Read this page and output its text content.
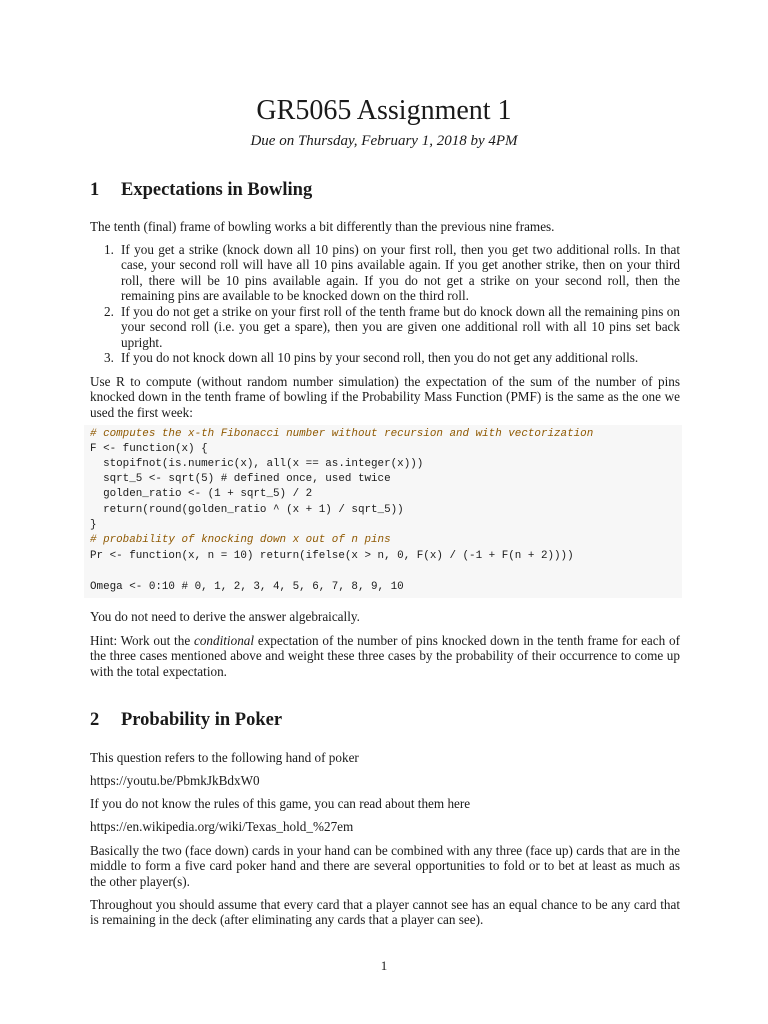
GR5065 Assignment 1
Due on Thursday, February 1, 2018 by 4PM
1 Expectations in Bowling
The tenth (final) frame of bowling works a bit differently than the previous nine frames.
1. If you get a strike (knock down all 10 pins) on your first roll, then you get two additional rolls. In that case, your second roll will have all 10 pins available again. If you get another strike, then on your third roll, there will be 10 pins available again. If you do not get a strike on your second roll, then the remaining pins are available to be knocked down on the third roll.
2. If you do not get a strike on your first roll of the tenth frame but do knock down all the remaining pins on your second roll (i.e. you get a spare), then you are given one additional roll with all 10 pins set back upright.
3. If you do not knock down all 10 pins by your second roll, then you do not get any additional rolls.
Use R to compute (without random number simulation) the expectation of the sum of the number of pins knocked down in the tenth frame of bowling if the Probability Mass Function (PMF) is the same as the one we used the first week:
# computes the x-th Fibonacci number without recursion and with vectorization
F <- function(x) {
stopifnot(is.numeric(x), all(x == as.integer(x)))
sqrt_5 <- sqrt(5) # defined once, used twice
golden_ratio <- (1 + sqrt_5) / 2
return(round(golden_ratio ^ (x + 1) / sqrt_5))
}
# probability of knocking down x out of n pins
Pr <- function(x, n = 10) return(ifelse(x > n, 0, F(x) / (-1 + F(n + 2))))
Omega <- 0:10 # 0, 1, 2, 3, 4, 5, 6, 7, 8, 9, 10
You do not need to derive the answer algebraically.
Hint: Work out the conditional expectation of the number of pins knocked down in the tenth frame for each of the three cases mentioned above and weight these three cases by the probability of their occurrence to come up with the total expectation.
2 Probability in Poker
This question refers to the following hand of poker
https://youtu.be/PbmkJkBdxW0
If you do not know the rules of this game, you can read about them here
https://en.wikipedia.org/wiki/Texas_hold_%27em
Basically the two (face down) cards in your hand can be combined with any three (face up) cards that are in the middle to form a five card poker hand and there are several opportunities to fold or to bet at least as much as the other player(s).
Throughout you should assume that every card that a player cannot see has an equal chance to be any card that is remaining in the deck (after eliminating any cards that a player can see).
1
